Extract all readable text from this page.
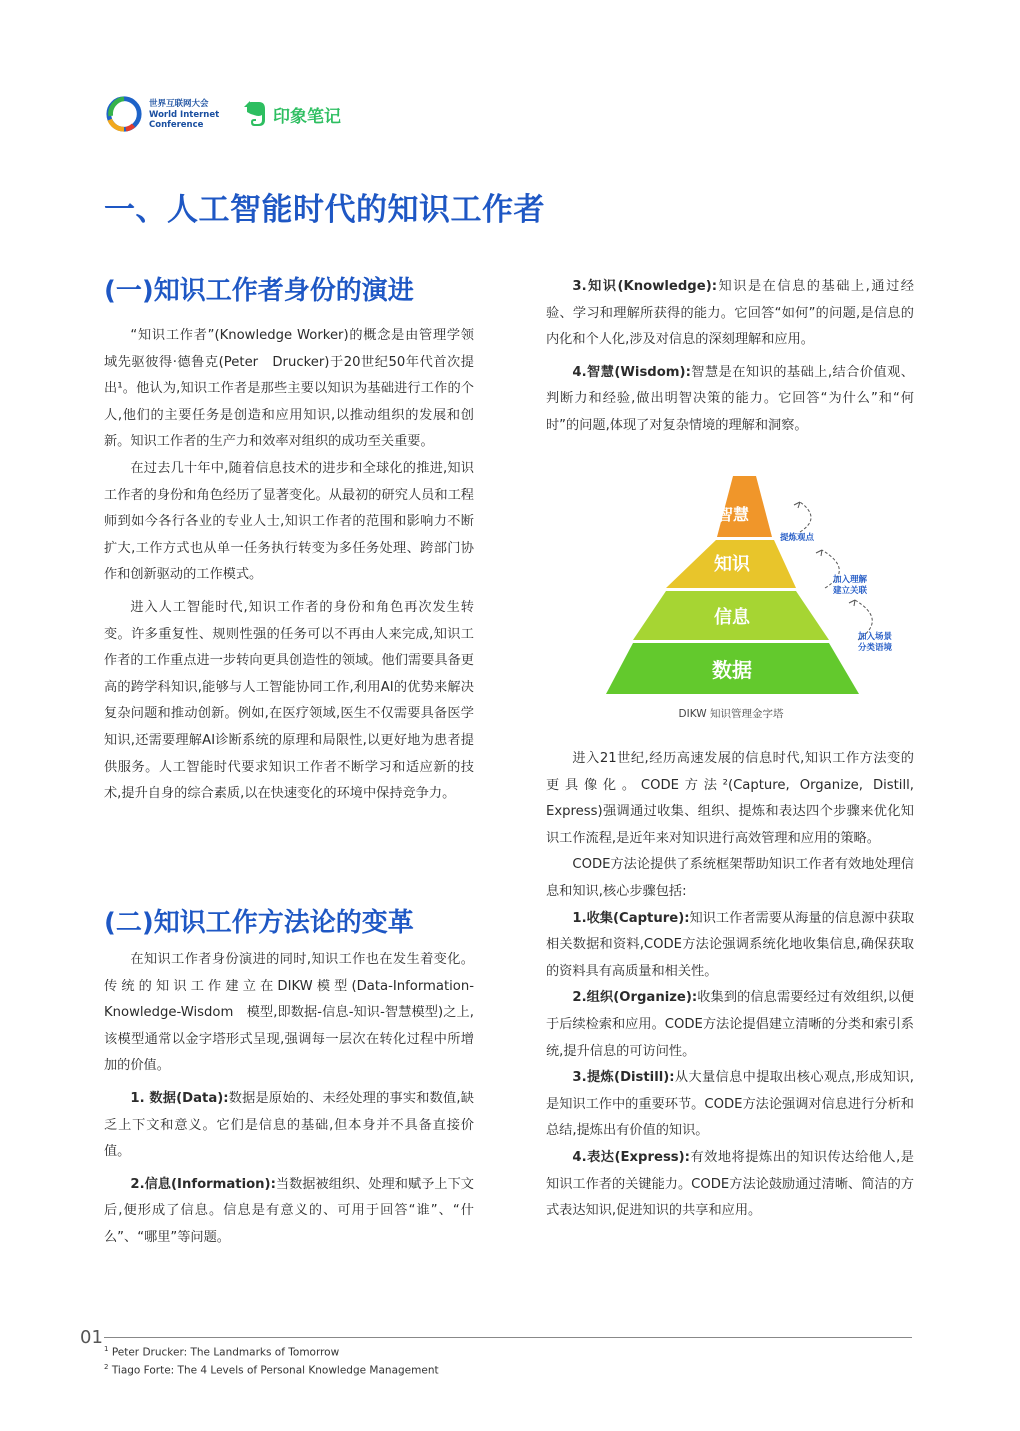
世界互联网大会
World Internet
Conference	印象笔记
一、人工智能时代的知识工作者
(一)知识工作者身份的演进

“知识工作者”(Knowledge Worker)的概念是由管理学领域先驱彼得·德鲁克(Peter　Drucker)于20世纪50年代首次提出¹。他认为,知识工作者是那些主要以知识为基础进行工作的个人,他们的主要任务是创造和应用知识,以推动组织的发展和创新。知识工作者的生产力和效率对组织的成功至关重要。

在过去几十年中,随着信息技术的进步和全球化的推进,知识工作者的身份和角色经历了显著变化。从最初的研究人员和工程师到如今各行各业的专业人士,知识工作者的范围和影响力不断扩大,工作方式也从单一任务执行转变为多任务处理、跨部门协作和创新驱动的工作模式。

进入人工智能时代,知识工作者的身份和角色再次发生转变。许多重复性、规则性强的任务可以不再由人来完成,知识工作者的工作重点进一步转向更具创造性的领域。他们需要具备更高的跨学科知识,能够与人工智能协同工作,利用AI的优势来解决复杂问题和推动创新。例如,在医疗领域,医生不仅需要具备医学知识,还需要理解AI诊断系统的原理和局限性,以更好地为患者提供服务。人工智能时代要求知识工作者不断学习和适应新的技术,提升自身的综合素质,以在快速变化的环境中保持竞争力。

(二)知识工作方法论的变革

在知识工作者身份演进的同时,知识工作也在发生着变化。传统的知识工作建立在DIKW模型(Data-Information-Knowledge-Wisdom　模型,即数据-信息-知识-智慧模型)之上,该模型通常以金字塔形式呈现,强调每一层次在转化过程中所增加的价值。

1. 数据(Data):数据是原始的、未经处理的事实和数值,缺乏上下文和意义。它们是信息的基础,但本身并不具备直接价值。

2.信息(Information):当数据被组织、处理和赋予上下文后,便形成了信息。信息是有意义的、可用于回答“谁”、“什么”、“哪里”等问题。

3.知识(Knowledge):知识是在信息的基础上,通过经验、学习和理解所获得的能力。它回答“如何”的问题,是信息的内化和个人化,涉及对信息的深刻理解和应用。

4.智慧(Wisdom):智慧是在知识的基础上,结合价值观、判断力和经验,做出明智决策的能力。它回答“为什么”和“何时”的问题,体现了对复杂情境的理解和洞察。

智慧
知识
信息
数据
提炼观点
加入理解建立关联
加入场景分类语境
DIKW 知识管理金字塔

进入21世纪,经历高速发展的信息时代,知识工作方法变的更具像化。CODE方法²(Capture, Organize, Distill, Express)强调通过收集、组织、提炼和表达四个步骤来优化知识工作流程,是近年来对知识进行高效管理和应用的策略。

CODE方法论提供了系统框架帮助知识工作者有效地处理信息和知识,核心步骤包括:

1.收集(Capture):知识工作者需要从海量的信息源中获取相关数据和资料,CODE方法论强调系统化地收集信息,确保获取的资料具有高质量和相关性。

2.组织(Organize):收集到的信息需要经过有效组织,以便于后续检索和应用。CODE方法论提倡建立清晰的分类和索引系统,提升信息的可访问性。

3.提炼(Distill):从大量信息中提取出核心观点,形成知识,是知识工作中的重要环节。CODE方法论强调对信息进行分析和总结,提炼出有价值的知识。

4.表达(Express):有效地将提炼出的知识传达给他人,是知识工作者的关键能力。CODE方法论鼓励通过清晰、简洁的方式表达知识,促进知识的共享和应用。

01
$^1$ Peter Drucker: The Landmarks of Tomorrow
$^2$ Tiago Forte: The 4 Levels of Personal Knowledge Management
